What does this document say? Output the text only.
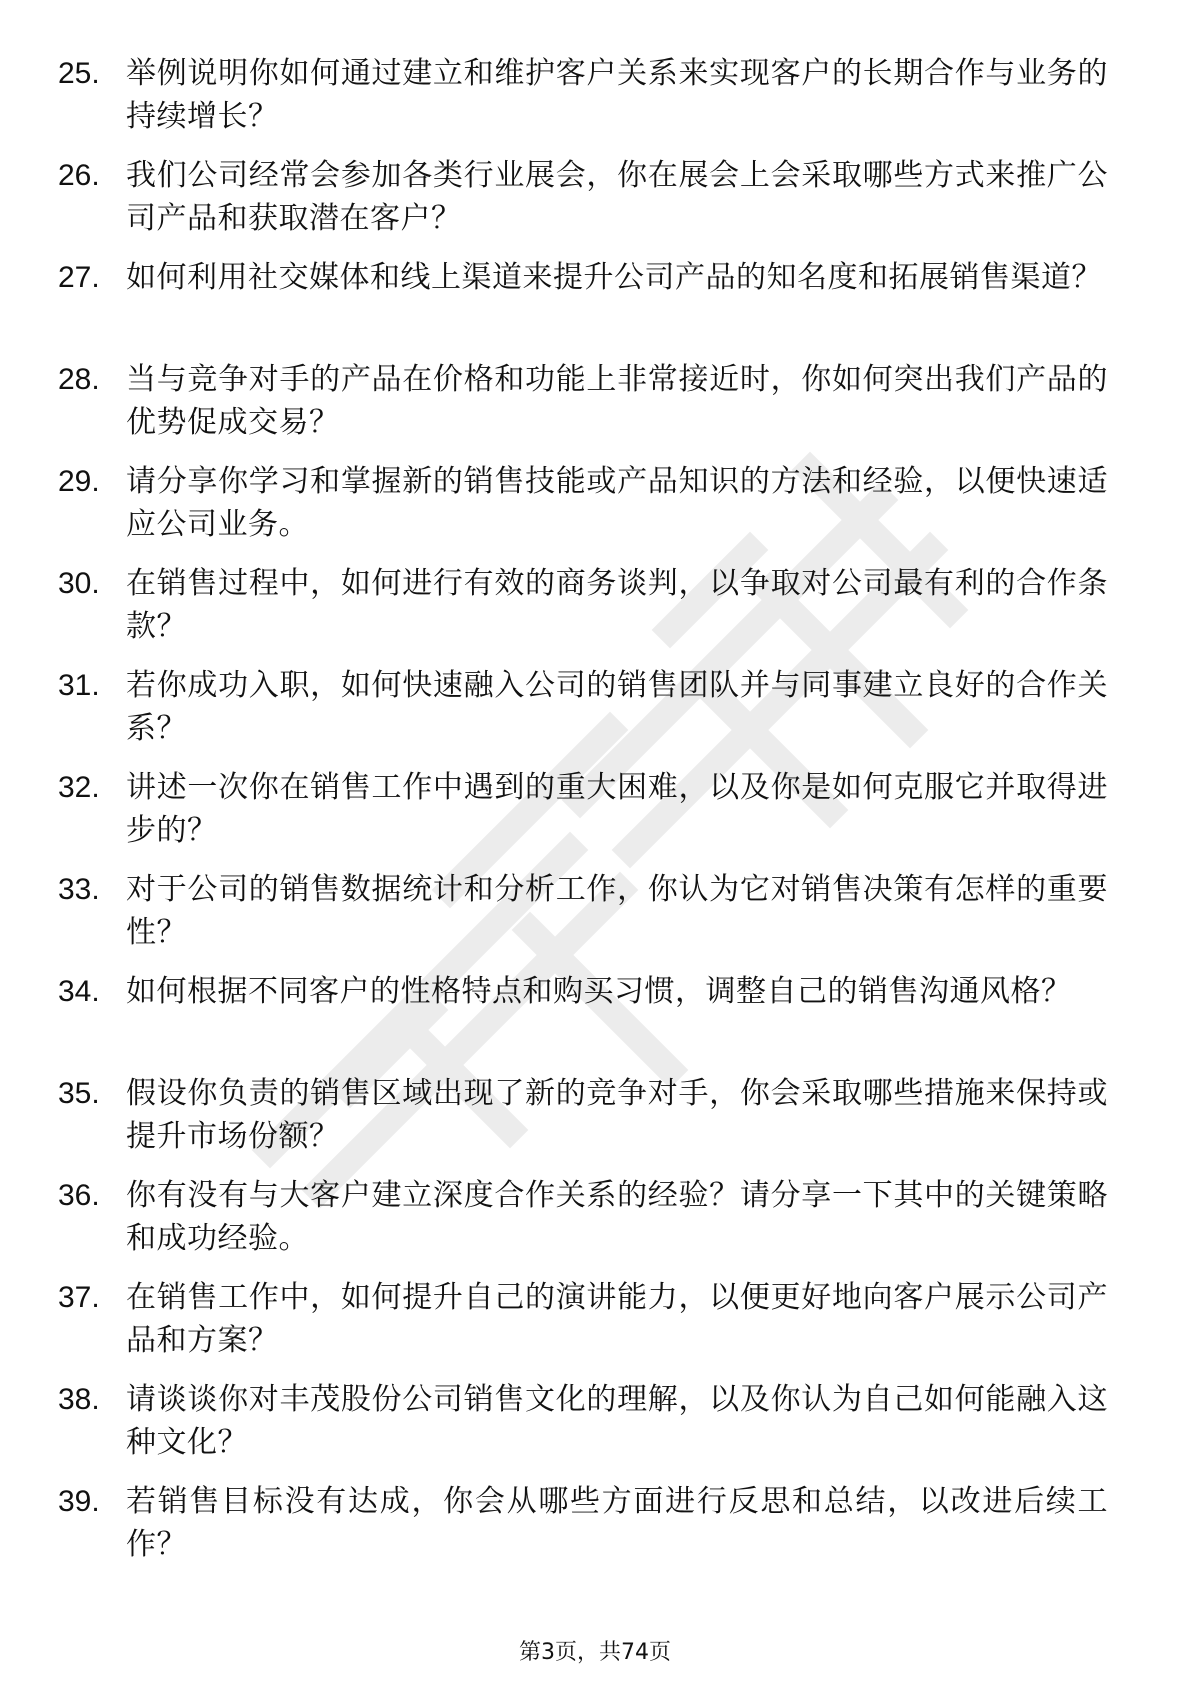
25. 举例说明你如何通过建立和维护客户关系来实现客户的长期合作与业务的持续增长？
26. 我们公司经常会参加各类行业展会，你在展会上会采取哪些方式来推广公司产品和获取潜在客户？
27. 如何利用社交媒体和线上渠道来提升公司产品的知名度和拓展销售渠道？
28. 当与竞争对手的产品在价格和功能上非常接近时，你如何突出我们产品的优势促成交易？
29. 请分享你学习和掌握新的销售技能或产品知识的方法和经验，以便快速适应公司业务。
30. 在销售过程中，如何进行有效的商务谈判，以争取对公司最有利的合作条款？
31. 若你成功入职，如何快速融入公司的销售团队并与同事建立良好的合作关系？
32. 讲述一次你在销售工作中遇到的重大困难，以及你是如何克服它并取得进步的？
33. 对于公司的销售数据统计和分析工作，你认为它对销售决策有怎样的重要性？
34. 如何根据不同客户的性格特点和购买习惯，调整自己的销售沟通风格？
35. 假设你负责的销售区域出现了新的竞争对手，你会采取哪些措施来保持或提升市场份额？
36. 你有没有与大客户建立深度合作关系的经验？请分享一下其中的关键策略和成功经验。
37. 在销售工作中，如何提升自己的演讲能力，以便更好地向客户展示公司产品和方案？
38. 请谈谈你对丰茂股份公司销售文化的理解，以及你认为自己如何能融入这种文化？
39. 若销售目标没有达成，你会从哪些方面进行反思和总结，以改进后续工作？
第3页，共74页
